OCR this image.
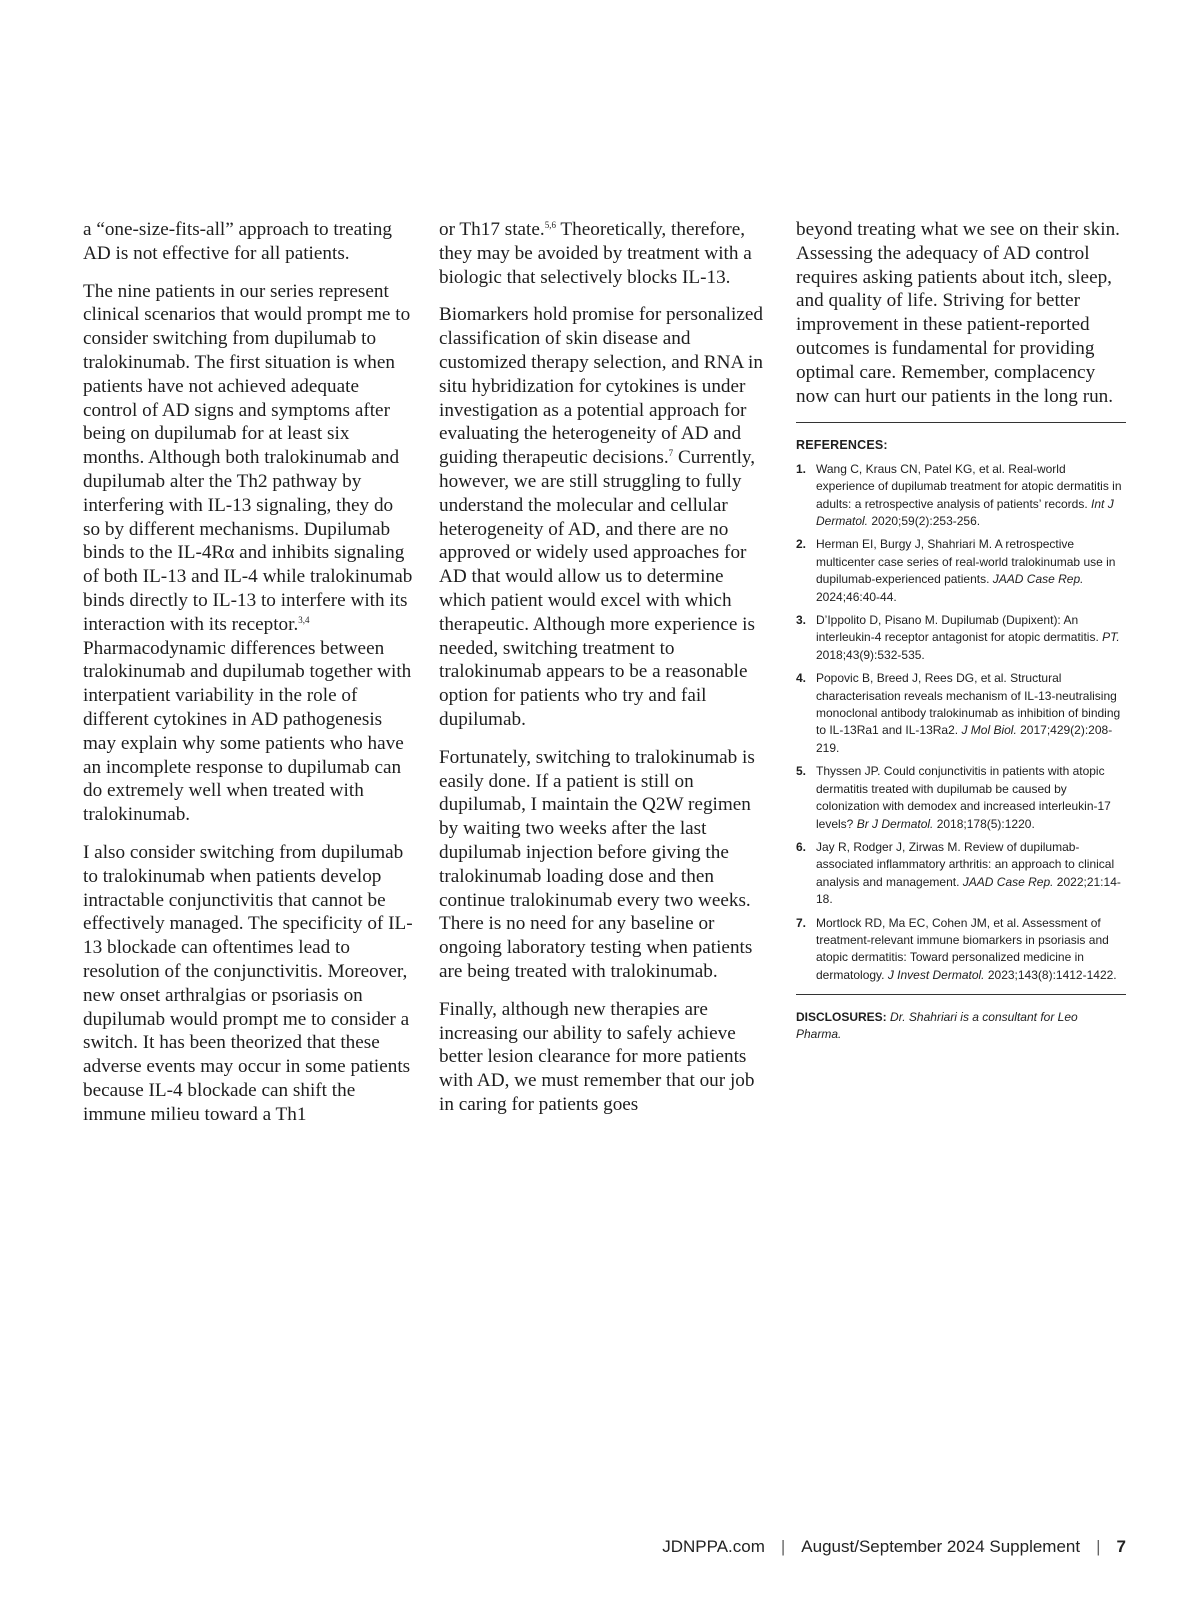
a “one-size-fits-all” approach to treating AD is not effective for all patients.

The nine patients in our series represent clinical scenarios that would prompt me to consider switching from dupilumab to tralokinumab. The first situation is when patients have not achieved adequate control of AD signs and symptoms after being on dupilumab for at least six months. Although both tralokinumab and dupilumab alter the Th2 pathway by interfering with IL-13 signaling, they do so by different mechanisms. Dupilumab binds to the IL-4Rα and inhibits signaling of both IL-13 and IL-4 while tralokinumab binds directly to IL-13 to interfere with its interaction with its receptor.$^{3,4}$ Pharmacodynamic differences between tralokinumab and dupilumab together with interpatient variability in the role of different cytokines in AD pathogenesis may explain why some patients who have an incomplete response to dupilumab can do extremely well when treated with tralokinumab.

I also consider switching from dupilumab to tralokinumab when patients develop intractable conjunctivitis that cannot be effectively managed. The specificity of IL-13 blockade can oftentimes lead to resolution of the conjunctivitis. Moreover, new onset arthralgias or psoriasis on dupilumab would prompt me to consider a switch. It has been theorized that these adverse events may occur in some patients because IL-4 blockade can shift the immune milieu toward a Th1

or Th17 state.$^{5,6}$ Theoretically, therefore, they may be avoided by treatment with a biologic that selectively blocks IL-13.

Biomarkers hold promise for personalized classification of skin disease and customized therapy selection, and RNA in situ hybridization for cytokines is under investigation as a potential approach for evaluating the heterogeneity of AD and guiding therapeutic decisions.$^7$ Currently, however, we are still struggling to fully understand the molecular and cellular heterogeneity of AD, and there are no approved or widely used approaches for AD that would allow us to determine which patient would excel with which therapeutic. Although more experience is needed, switching treatment to tralokinumab appears to be a reasonable option for patients who try and fail dupilumab.

Fortunately, switching to tralokinumab is easily done. If a patient is still on dupilumab, I maintain the Q2W regimen by waiting two weeks after the last dupilumab injection before giving the tralokinumab loading dose and then continue tralokinumab every two weeks. There is no need for any baseline or ongoing laboratory testing when patients are being treated with tralokinumab.

Finally, although new therapies are increasing our ability to safely achieve better lesion clearance for more patients with AD, we must remember that our job in caring for patients goes

beyond treating what we see on their skin. Assessing the adequacy of AD control requires asking patients about itch, sleep, and quality of life. Striving for better improvement in these patient-reported outcomes is fundamental for providing optimal care. Remember, complacency now can hurt our patients in the long run.

REFERENCES:
1. Wang C, Kraus CN, Patel KG, et al. Real-world experience of dupilumab treatment for atopic dermatitis in adults: a retrospective analysis of patients’ records. Int J Dermatol. 2020;59(2):253-256.
2. Herman EI, Burgy J, Shahriari M. A retrospective multicenter case series of real-world tralokinumab use in dupilumab-experienced patients. JAAD Case Rep. 2024;46:40-44.
3. D’Ippolito D, Pisano M. Dupilumab (Dupixent): An interleukin-4 receptor antagonist for atopic dermatitis. PT. 2018;43(9):532-535.
4. Popovic B, Breed J, Rees DG, et al. Structural characterisation reveals mechanism of IL-13-neutralising monoclonal antibody tralokinumab as inhibition of binding to IL-13Ra1 and IL-13Ra2. J Mol Biol. 2017;429(2):208-219.
5. Thyssen JP. Could conjunctivitis in patients with atopic dermatitis treated with dupilumab be caused by colonization with demodex and increased interleukin-17 levels? Br J Dermatol. 2018;178(5):1220.
6. Jay R, Rodger J, Zirwas M. Review of dupilumab-associated inflammatory arthritis: an approach to clinical analysis and management. JAAD Case Rep. 2022;21:14-18.
7. Mortlock RD, Ma EC, Cohen JM, et al. Assessment of treatment-relevant immune biomarkers in psoriasis and atopic dermatitis: Toward personalized medicine in dermatology. J Invest Dermatol. 2023;143(8):1412-1422.
DISCLOSURES: Dr. Shahriari is a consultant for Leo Pharma.
JDNPPA.com | August/September 2024 Supplement | 7
